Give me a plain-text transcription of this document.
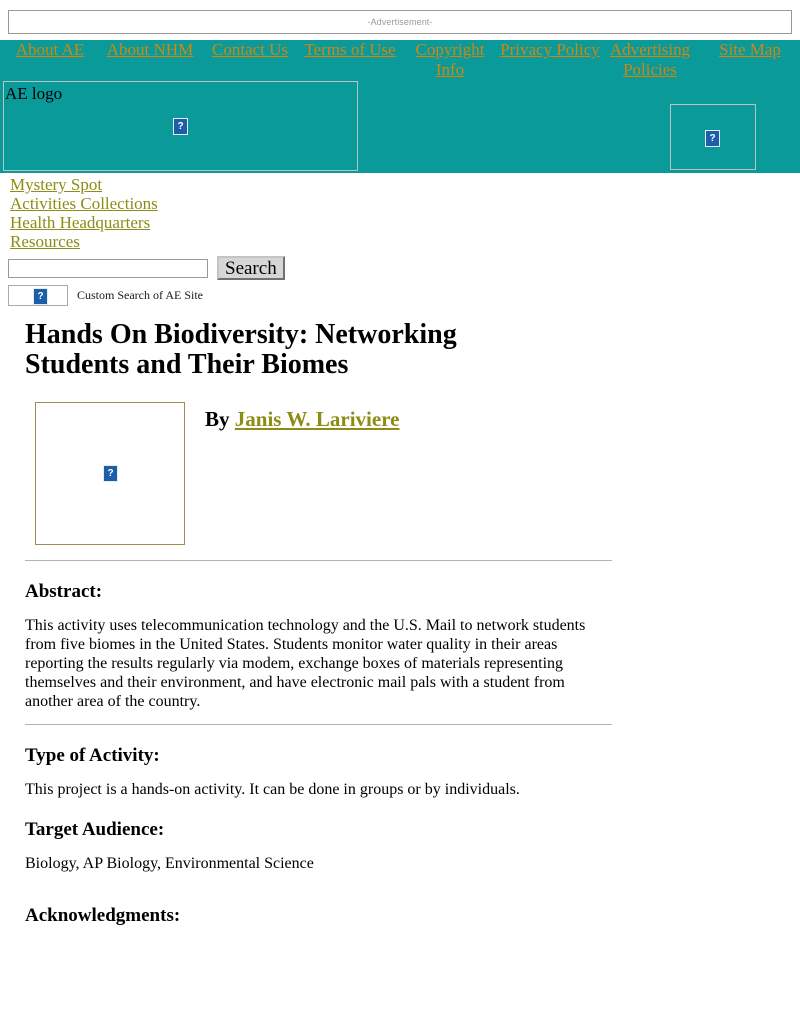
-Advertisement-
About AE	About NHM	Contact Us	Terms of Use	Copyright Info	Privacy Policy	Advertising Policies	Site Map
AE logo
?
?
Mystery Spot
Activities Collections
Health Headquarters
Resources
Search
?	Custom Search of AE Site
Hands On Biodiversity: Networking Students and Their Biomes
?
By Janis W. Lariviere
Abstract:

This activity uses telecommunication technology and the U.S. Mail to network students from five biomes in the United States. Students monitor water quality in their areas reporting the results regularly via modem, exchange boxes of materials representing themselves and their environment, and have electronic mail pals with a student from another area of the country.

Type of Activity:

This project is a hands-on activity. It can be done in groups or by individuals.

Target Audience:

Biology, AP Biology, Environmental Science

Acknowledgments:
